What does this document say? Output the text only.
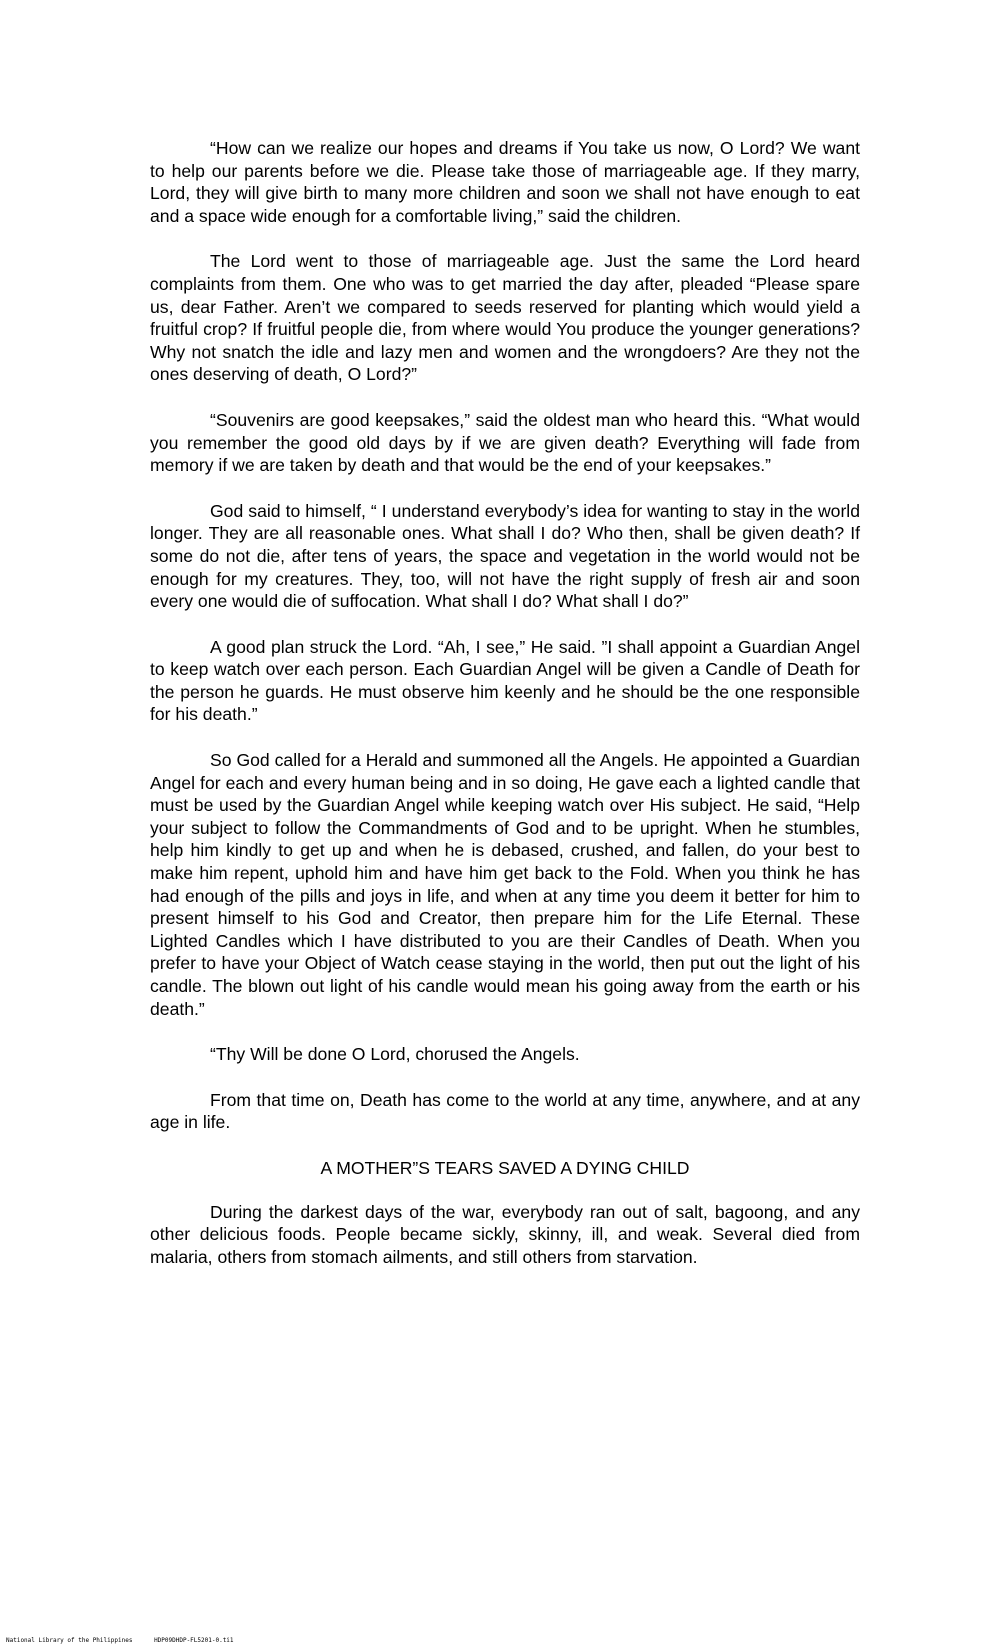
“How can we realize our hopes and dreams if You take us now, O Lord? We want to help our parents before we die. Please take those of marriageable age. If they marry, Lord, they will give birth to many more children and soon we shall not have enough to eat and a space wide enough for a comfortable living,” said the children.

The Lord went to those of marriageable age. Just the same the Lord heard complaints from them. One who was to get married the day after, pleaded “Please spare us, dear Father. Aren’t we compared to seeds reserved for planting which would yield a fruitful crop? If fruitful people die, from where would You produce the younger generations? Why not snatch the idle and lazy men and women and the wrongdoers? Are they not the ones deserving of death, O Lord?”

“Souvenirs are good keepsakes,” said the oldest man who heard this. “What would you remember the good old days by if we are given death? Everything will fade from memory if we are taken by death and that would be the end of your keepsakes.”

God said to himself, “ I understand everybody’s idea for wanting to stay in the world longer. They are all reasonable ones. What shall I do? Who then, shall be given death? If some do not die, after tens of years, the space and vegetation in the world would not be enough for my creatures. They, too, will not have the right supply of fresh air and soon every one would die of suffocation. What shall I do? What shall I do?”

A good plan struck the Lord. “Ah, I see,” He said. ”I shall appoint a Guardian Angel to keep watch over each person. Each Guardian Angel will be given a Candle of Death for the person he guards. He must observe him keenly and he should be the one responsible for his death.”

So God called for a Herald and summoned all the Angels. He appointed a Guardian Angel for each and every human being and in so doing, He gave each a lighted candle that must be used by the Guardian Angel while keeping watch over His subject. He said, “Help your subject to follow the Commandments of God and to be upright. When he stumbles, help him kindly to get up and when he is debased, crushed, and fallen, do your best to make him repent, uphold him and have him get back to the Fold. When you think he has had enough of the pills and joys in life, and when at any time you deem it better for him to present himself to his God and Creator, then prepare him for the Life Eternal. These Lighted Candles which I have distributed to you are their Candles of Death. When you prefer to have your Object of Watch cease staying in the world, then put out the light of his candle. The blown out light of his candle would mean his going away from the earth or his death.”

“Thy Will be done O Lord, chorused the Angels.

From that time on, Death has come to the world at any time, anywhere, and at any age in life.

A MOTHER”S TEARS SAVED A DYING CHILD

During the darkest days of the war, everybody ran out of salt, bagoong, and any other delicious foods. People became sickly, skinny, ill, and weak. Several died from malaria, others from stomach ailments, and still others from starvation.

National Library of the Philippines	HDP09DHDP-FL5201-0.ti1
